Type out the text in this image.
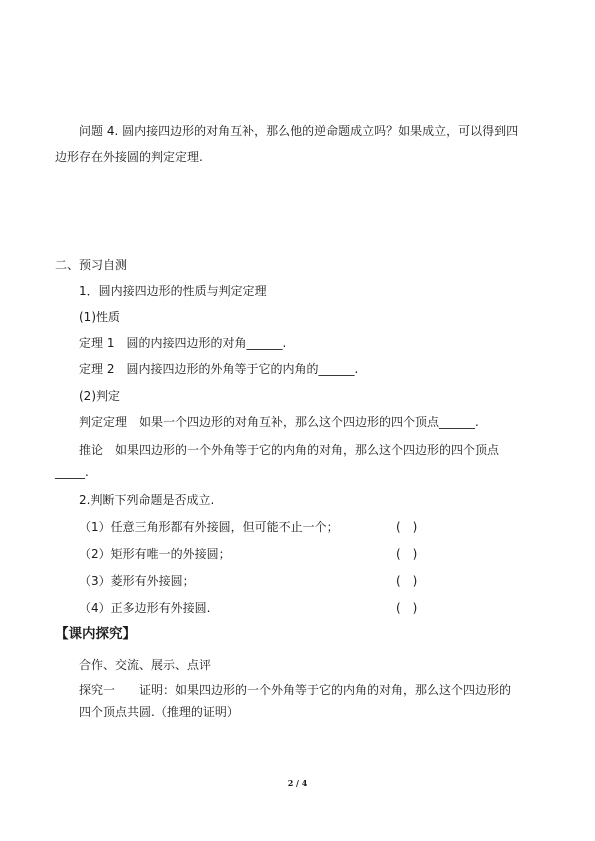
问题 4. 圆内接四边形的对角互补，那么他的逆命题成立吗？如果成立，可以得到四
边形存在外接圆的判定定理.
二、预习自测
1．圆内接四边形的性质与判定定理
(1)性质
定理 1　圆的内接四边形的对角______.
定理 2　圆内接四边形的外角等于它的内角的______.
(2)判定
判定定理　如果一个四边形的对角互补，那么这个四边形的四个顶点______.
推论　如果四边形的一个外角等于它的内角的对角，那么这个四边形的四个顶点
_____.
2.判断下列命题是否成立.
（1）任意三角形都有外接圆，但可能不止一个；	(　)
（2）矩形有唯一的外接圆；	(　)
（3）菱形有外接圆；	(　)
（4）正多边形有外接圆.	(　)
【课内探究】
合作、交流、展示、点评
探究一　　证明：如果四边形的一个外角等于它的内角的对角，那么这个四边形的
四个顶点共圆.（推理的证明）
2 / 4
